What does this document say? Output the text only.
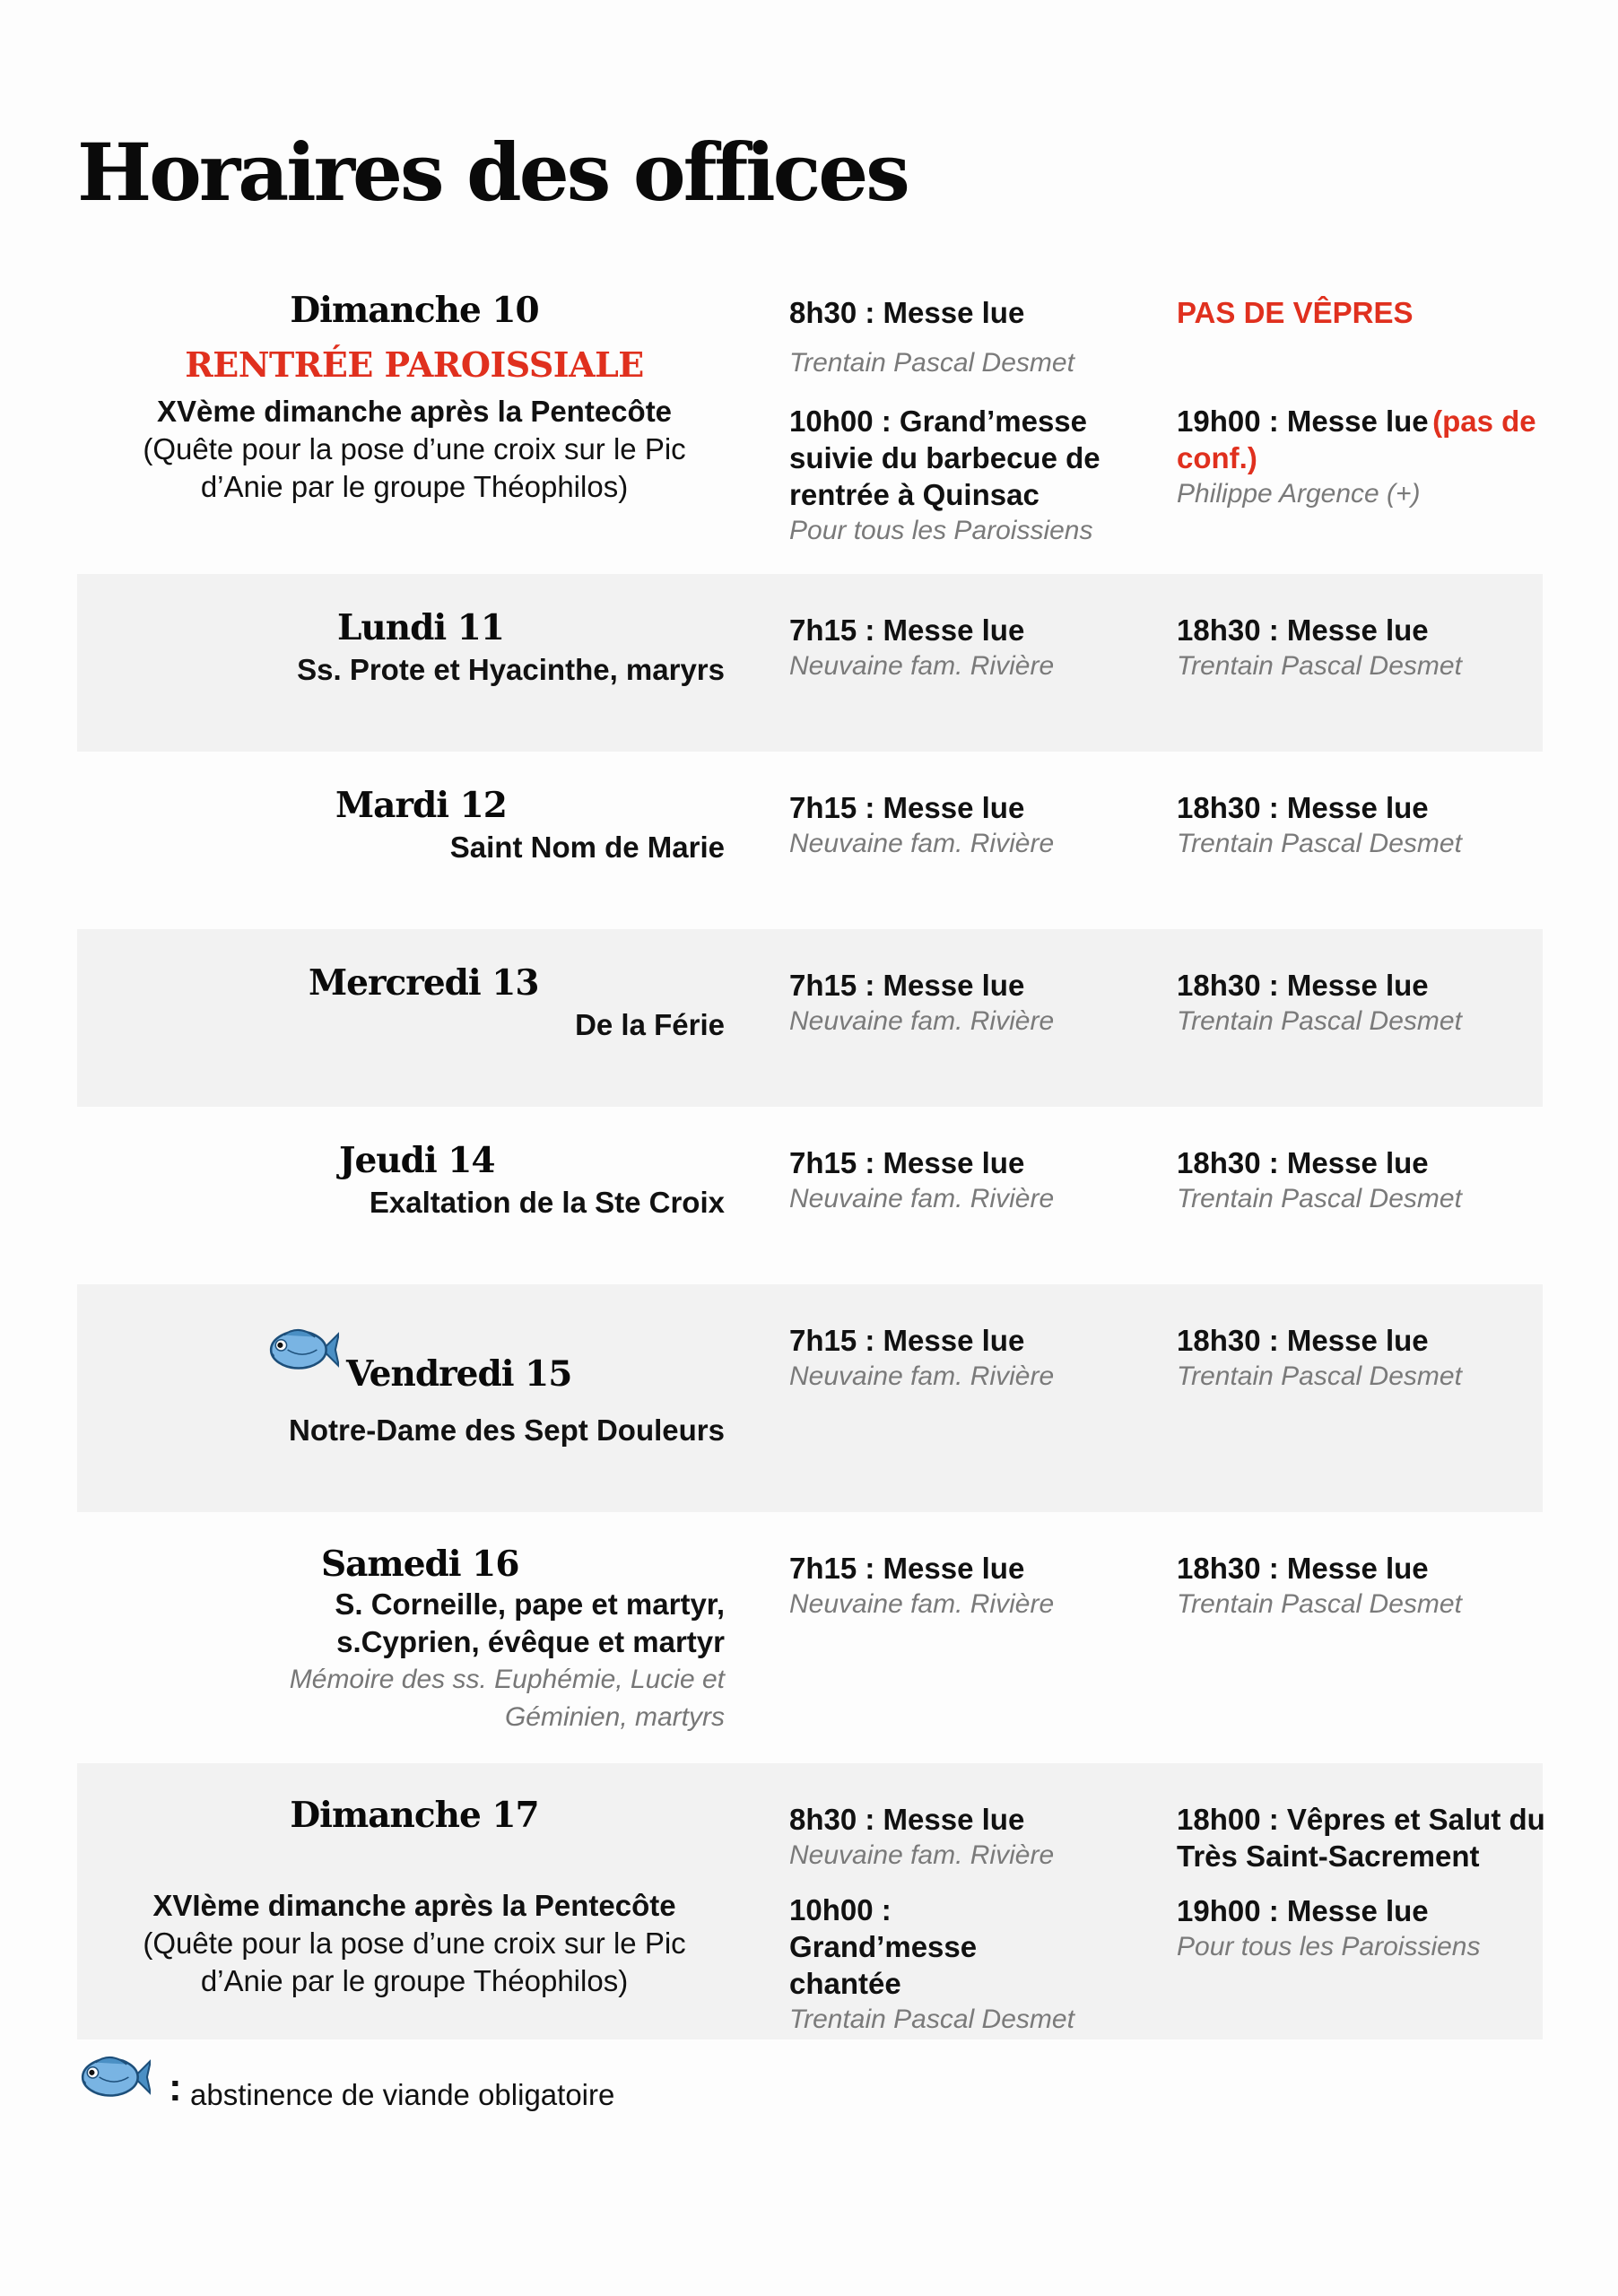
Horaires des offices
Dimanche 10
RENTRÉE PAROISSIALE
XVème dimanche après la Pentecôte
(Quête pour la pose d’une croix sur le Pic d’Anie par le groupe Théophilos)
8h30 : Messe lue
Trentain Pascal Desmet
10h00 : Grand’messe suivie du barbecue de rentrée à Quinsac
Pour tous les Paroissiens
PAS DE VÊPRES
19h00 : Messe lue (pas de conf.)
Philippe Argence (+)
Lundi 11
Ss. Prote et Hyacinthe, maryrs
7h15 : Messe lue
Neuvaine fam. Rivière
18h30 : Messe lue
Trentain Pascal Desmet
Mardi 12
Saint Nom de Marie
7h15 : Messe lue
Neuvaine fam. Rivière
18h30 : Messe lue
Trentain Pascal Desmet
Mercredi 13
De la Férie
7h15 : Messe lue
Neuvaine fam. Rivière
18h30 : Messe lue
Trentain Pascal Desmet
Jeudi 14
Exaltation de la Ste Croix
7h15 : Messe lue
Neuvaine fam. Rivière
18h30 : Messe lue
Trentain Pascal Desmet
Vendredi 15
Notre-Dame des Sept Douleurs
7h15 : Messe lue
Neuvaine fam. Rivière
18h30 : Messe lue
Trentain Pascal Desmet
Samedi 16
S. Corneille, pape et martyr, s.Cyprien, évêque et martyr
Mémoire des ss. Euphémie, Lucie et Géminien, martyrs
7h15 : Messe lue
Neuvaine fam. Rivière
18h30 : Messe lue
Trentain Pascal Desmet
Dimanche 17
XVIème dimanche après la Pentecôte
(Quête pour la pose d’une croix sur le Pic d’Anie par le groupe Théophilos)
8h30 : Messe lue
Neuvaine fam. Rivière
10h00 : Grand’messe chantée
Trentain Pascal Desmet
18h00 : Vêpres et Salut du Très Saint-Sacrement
19h00 : Messe lue
Pour tous les Paroissiens
: abstinence de viande obligatoire
